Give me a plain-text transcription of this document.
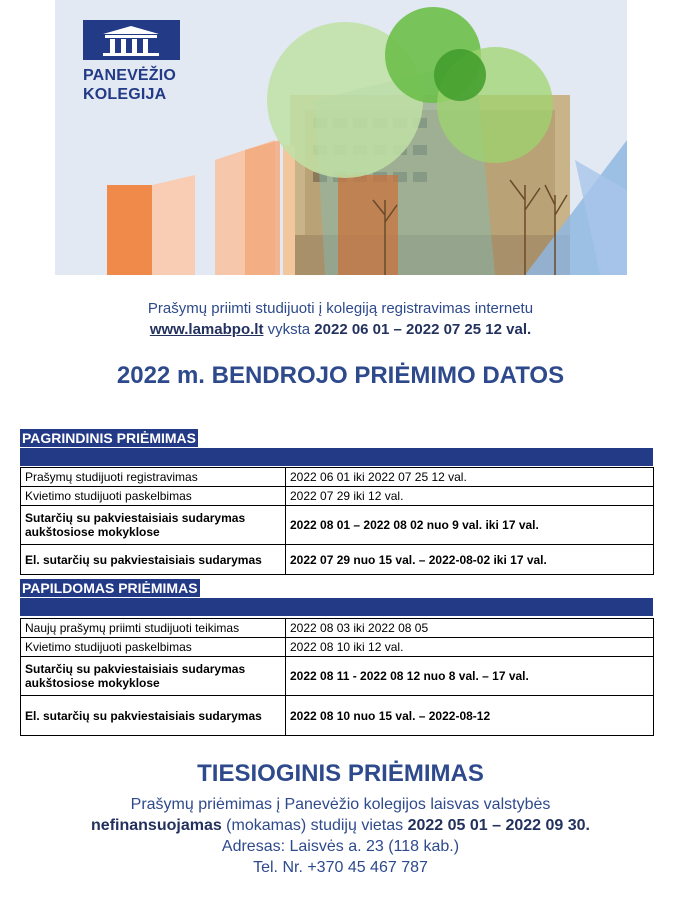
PANEVĖŽIO
KOLEGIJA
Prašymų priimti studijuoti į kolegiją registravimas internetu
www.lamabpo.lt vyksta 2022 06 01 – 2022 07 25 12 val.
2022 m. BENDROJO PRIĖMIMO DATOS
PAGRINDINIS PRIĖMIMAS
Prašymų studijuoti registravimas	2022 06 01 iki 2022 07 25 12 val.
Kvietimo studijuoti paskelbimas	2022 07 29 iki 12 val.
Sutarčių su pakviestaisiais sudarymas aukštosiose mokyklose	2022 08 01 – 2022 08 02 nuo 9 val. iki 17 val.
El. sutarčių su pakviestaisiais sudarymas	2022 07 29 nuo 15 val. – 2022-08-02 iki 17 val.
PAPILDOMAS PRIĖMIMAS
Naujų prašymų priimti studijuoti teikimas	2022 08 03 iki 2022 08 05
Kvietimo studijuoti paskelbimas	2022 08 10 iki 12 val.
Sutarčių su pakviestaisiais sudarymas aukštosiose mokyklose	2022 08 11 - 2022 08 12 nuo 8 val. – 17 val.
El. sutarčių su pakviestaisiais sudarymas	2022 08 10 nuo 15 val. – 2022-08-12
TIESIOGINIS PRIĖMIMAS
Prašymų priėmimas į Panevėžio kolegijos laisvas valstybės
nefinansuojamas (mokamas) studijų vietas 2022 05 01 – 2022 09 30.
Adresas: Laisvės a. 23 (118 kab.)
Tel. Nr. +370 45 467 787
